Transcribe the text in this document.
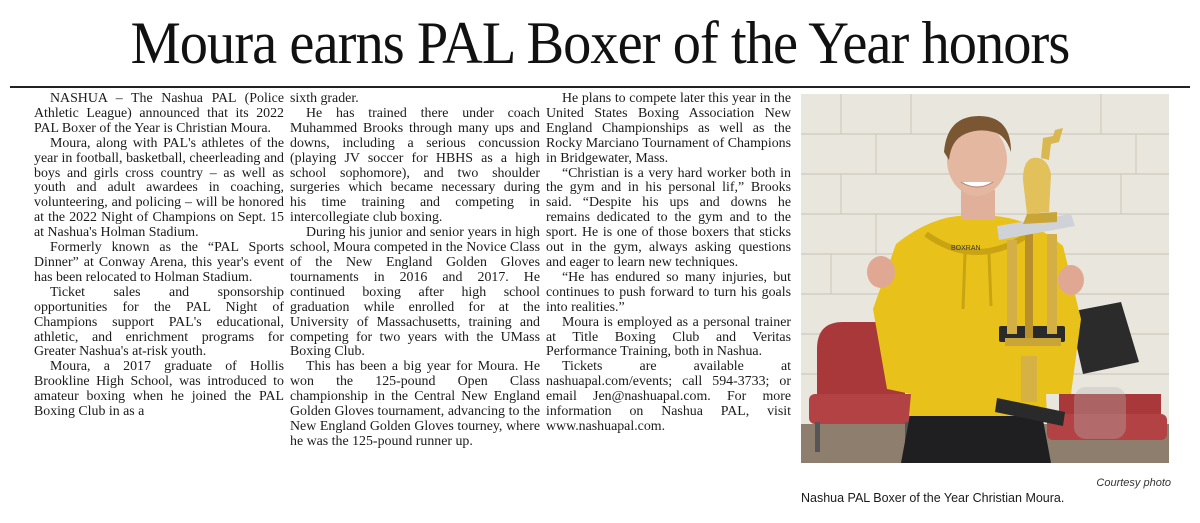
Moura earns PAL Boxer of the Year honors

NASHUA – The Nashua PAL (Police Athletic League) announced that its 2022 PAL Boxer of the Year is Christian Moura.

Moura, along with PAL's athletes of the year in football, basketball, cheerleading and boys and girls cross country – as well as youth and adult awardees in coaching, volunteering, and policing – will be honored at the 2022 Night of Champions on Sept. 15 at Nashua's Holman Stadium.

Formerly known as the “PAL Sports Dinner” at Conway Arena, this year's event has been relocated to Holman Stadium.

Ticket sales and sponsorship opportunities for the PAL Night of Champions support PAL's educational, athletic, and enrichment programs for Greater Nashua's at-risk youth.

Moura, a 2017 graduate of Hollis Brookline High School, was introduced to amateur boxing when he joined the PAL Boxing Club in as a

sixth grader.

He has trained there under coach Muhammed Brooks through many ups and downs, including a serious concussion (playing JV soccer for HBHS as a high school sophomore), and two shoulder surgeries which became necessary during his time training and competing in intercollegiate club boxing.

During his junior and senior years in high school, Moura competed in the Novice Class of the New England Golden Gloves tournaments in 2016 and 2017. He continued boxing after high school graduation while enrolled for at the University of Massachusetts, training and competing for two years with the UMass Boxing Club.

This has been a big year for Moura. He won the 125-pound Open Class championship in the Central New England Golden Gloves tournament, advancing to the New England Golden Gloves tourney, where he was the 125-pound runner up.

He plans to compete later this year in the United States Boxing Association New England Championships as well as the Rocky Marciano Tournament of Champions in Bridgewater, Mass.

“Christian is a very hard worker both in the gym and in his personal lif,” Brooks said. “Despite his ups and downs he remains dedicated to the gym and to the sport. He is one of those boxers that sticks out in the gym, always asking questions and eager to learn new techniques.

“He has endured so many injuries, but continues to push forward to turn his goals into realities.”

Moura is employed as a personal trainer at Title Boxing Club and Veritas Performance Training, both in Nashua.

Tickets are available at nashuapal.com/events; call 594-3733; or email Jen@nashuapal.com. For more information on Nashua PAL, visit www.nashuapal.com.

BOXRAN
Courtesy photo
Nashua PAL Boxer of the Year Christian Moura.
